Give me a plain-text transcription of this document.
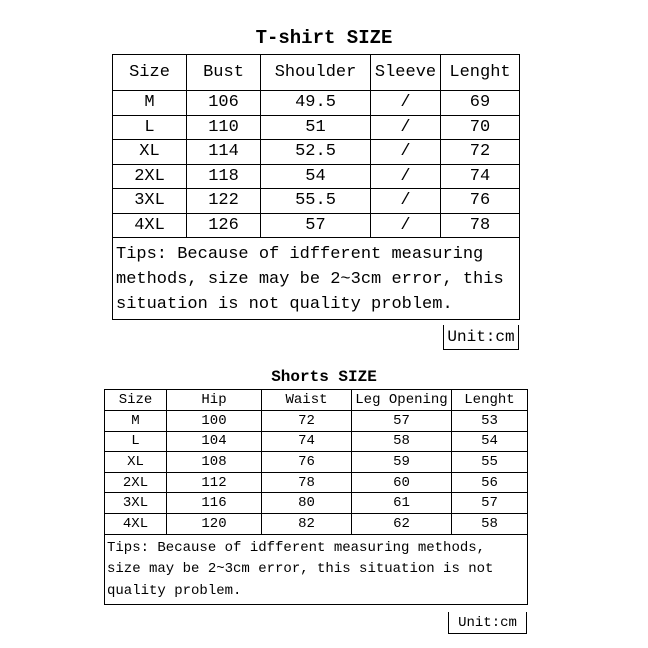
T-shirt SIZE
Size	Bust	Shoulder	Sleeve	Lenght
M	106	49.5	/	69
L	110	51	/	70
XL	114	52.5	/	72
2XL	118	54	/	74
3XL	122	55.5	/	76
4XL	126	57	/	78
Tips: Because of idfferent measuring methods, size may be 2~3cm error, this situation is not quality problem.				
Unit:cm
Shorts SIZE
Size	Hip	Waist	Leg Opening	Lenght
M	100	72	57	53
L	104	74	58	54
XL	108	76	59	55
2XL	112	78	60	56
3XL	116	80	61	57
4XL	120	82	62	58
Tips: Because of idfferent measuring methods, size may be 2~3cm error, this situation is not quality problem.				
Unit:cm
